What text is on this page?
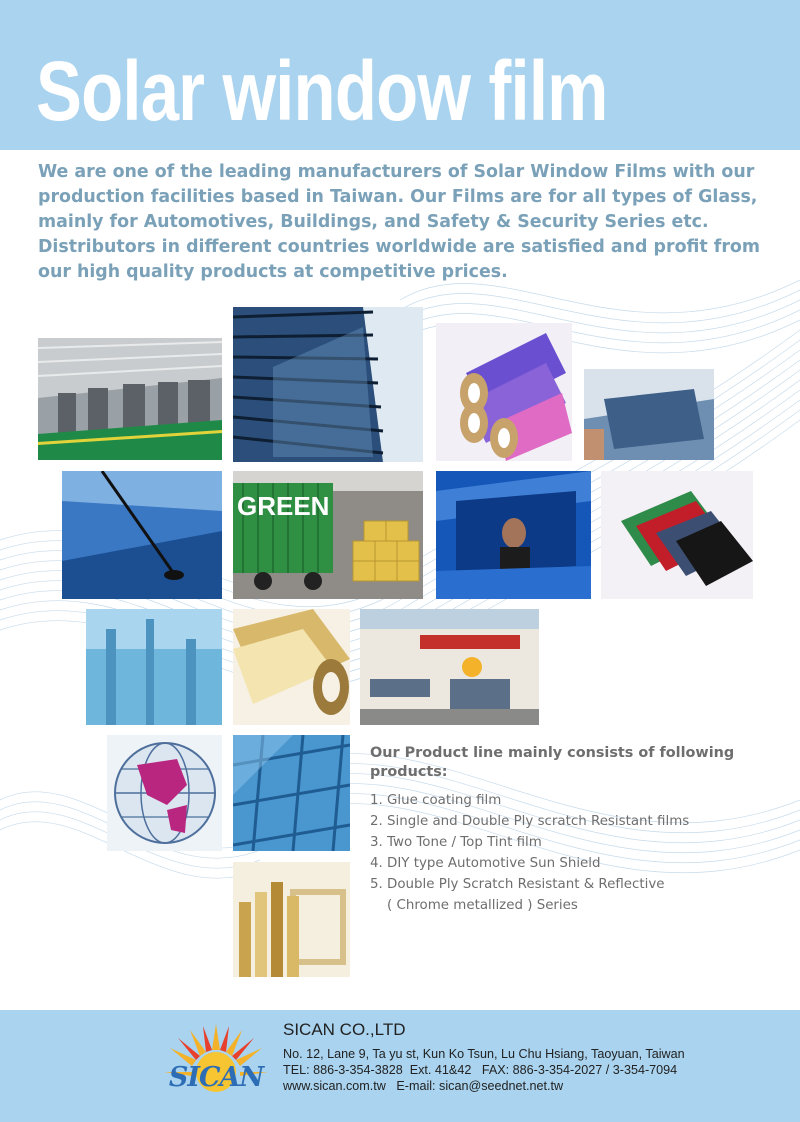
Solar window film

We are one of the leading manufacturers of Solar Window Films with our production facilities based in Taiwan. Our Films are for all types of Glass, mainly for Automotives, Buildings, and Safety & Security Series etc. Distributors in different countries worldwide are satisfied and profit from our high quality products at competitive prices.

GREEN
Our Product line mainly consists of following products:
1. Glue coating film
2. Single and Double Ply scratch Resistant films
3. Two Tone / Top Tint film
4. DIY type Automotive Sun Shield
5. Double Ply Scratch Resistant & Reflective
( Chrome metallized ) Series
SICAN
SICAN CO.,LTD
No. 12, Lane 9, Ta yu st, Kun Ko Tsun, Lu Chu Hsiang, Taoyuan, Taiwan
TEL: 886-3-354-3828  Ext. 41&42   FAX: 886-3-354-2027 / 3-354-7094
www.sican.com.tw   E-mail: sican@seednet.net.tw
